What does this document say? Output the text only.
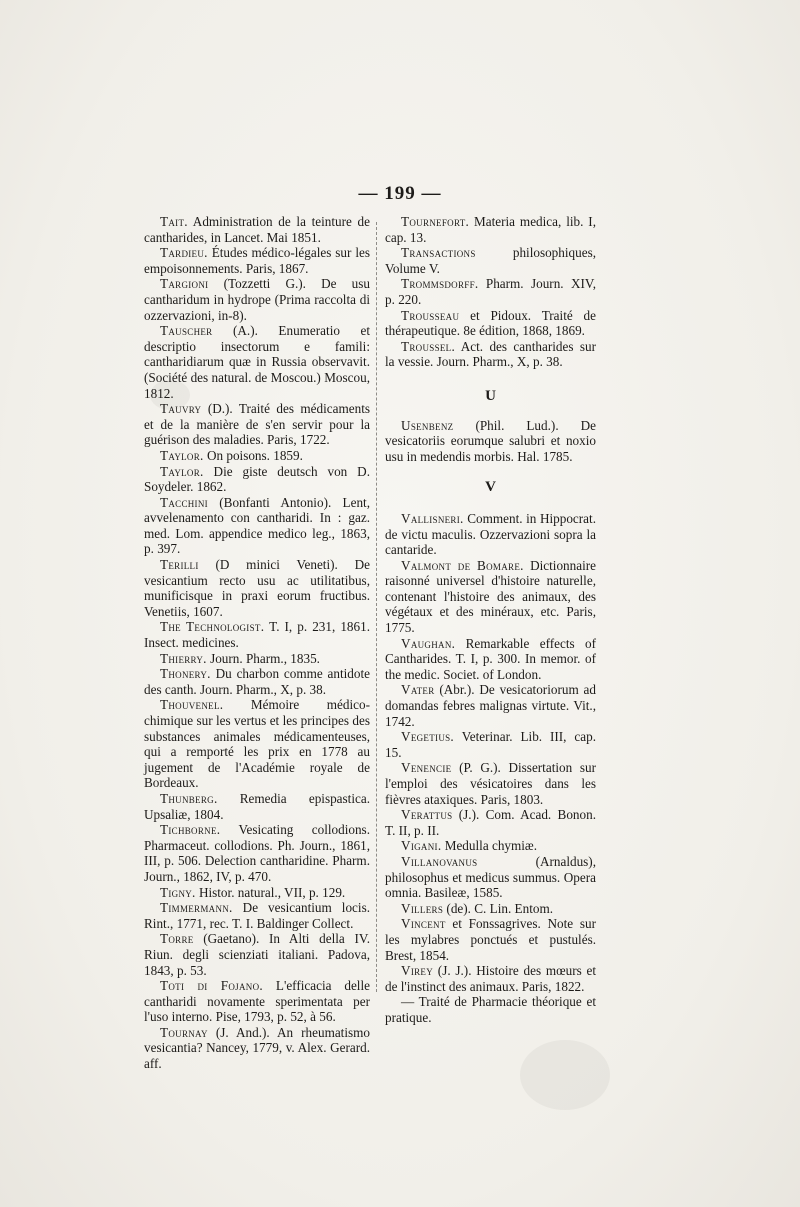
— 199 —

Tait. Administration de la teinture de cantharides, in Lancet. Mai 1851.

Tardieu. Études médico-légales sur les empoisonnements. Paris, 1867.

Targioni (Tozzetti G.). De usu cantharidum in hydrope (Prima raccolta di ozzervazioni, in-8).

Tauscher (A.). Enumeratio et descriptio insectorum e famili: cantharidiarum quæ in Russia observavit. (Société des natural. de Moscou.) Moscou, 1812.

Tauvry (D.). Traité des médicaments et de la manière de s'en servir pour la guérison des maladies. Paris, 1722.

Taylor. On poisons. 1859.

Taylor. Die giste deutsch von D. Soydeler. 1862.

Tacchini (Bonfanti Antonio). Lent, avvelenamento con cantharidi. In : gaz. med. Lom. appendice medico leg., 1863, p. 397.

Terilli (D minici Veneti). De vesicantium recto usu ac utilitatibus, munificisque in praxi eorum fructibus. Venetiis, 1607.

The Technologist. T. I, p. 231, 1861. Insect. medicines.

Thierry. Journ. Pharm., 1835.

Thonery. Du charbon comme antidote des canth. Journ. Pharm., X, p. 38.

Thouvenel. Mémoire médico-chimique sur les vertus et les principes des substances animales médicamenteuses, qui a remporté les prix en 1778 au jugement de l'Académie royale de Bordeaux.

Thunberg. Remedia epispastica. Upsaliæ, 1804.

Tichborne. Vesicating collodions. Pharmaceut. collodions. Ph. Journ., 1861, III, p. 506. Delection cantharidine. Pharm. Journ., 1862, IV, p. 470.

Tigny. Histor. natural., VII, p. 129.

Timmermann. De vesicantium locis. Rint., 1771, rec. T. I. Baldinger Collect.

Torre (Gaetano). In Alti della IV. Riun. degli scienziati italiani. Padova, 1843, p. 53.

Toti di Fojano. L'efficacia delle cantharidi novamente sperimentata per l'uso interno. Pise, 1793, p. 52, à 56.

Tournay (J. And.). An rheumatismo vesicantia? Nancey, 1779, v. Alex. Gerard. aff.

Tournefort. Materia medica, lib. I, cap. 13.

Transactions	philosophiques, Volume V.

Trommsdorff. Pharm. Journ. XIV, p. 220.

Trousseau et Pidoux. Traité de thérapeutique. 8e édition, 1868, 1869.

Troussel. Act. des cantharides sur la vessie. Journ. Pharm., X, p. 38.

U

Usenbenz (Phil. Lud.). De vesicatoriis eorumque salubri et noxio usu in medendis morbis. Hal. 1785.

V

Vallisneri. Comment. in Hippocrat. de victu maculis. Ozzervazioni sopra la cantaride.

Valmont de Bomare. Dictionnaire raisonné universel d'histoire naturelle, contenant l'histoire des animaux, des végétaux et des minéraux, etc. Paris, 1775.

Vaughan. Remarkable effects of Cantharides. T. I, p. 300. In memor. of the medic. Societ. of London.

Vater (Abr.). De vesicatoriorum ad domandas febres malignas virtute. Vit., 1742.

Vegetius. Veterinar. Lib. III, cap. 15.

Venencie (P. G.). Dissertation sur l'emploi des vésicatoires dans les fièvres ataxiques. Paris, 1803.

Verattus (J.). Com. Acad. Bonon. T. II, p. II.

Vigani. Medulla chymiæ.

Villanovanus	(Arnaldus), philosophus et medicus summus. Opera omnia. Basileæ, 1585.

Villers (de). C. Lin. Entom.

Vincent et Fonssagrives. Note sur les mylabres ponctués et pustulés. Brest, 1854.

Virey (J. J.). Histoire des mœurs et de l'instinct des animaux. Paris, 1822.

— Traité de Pharmacie théorique et pratique.
